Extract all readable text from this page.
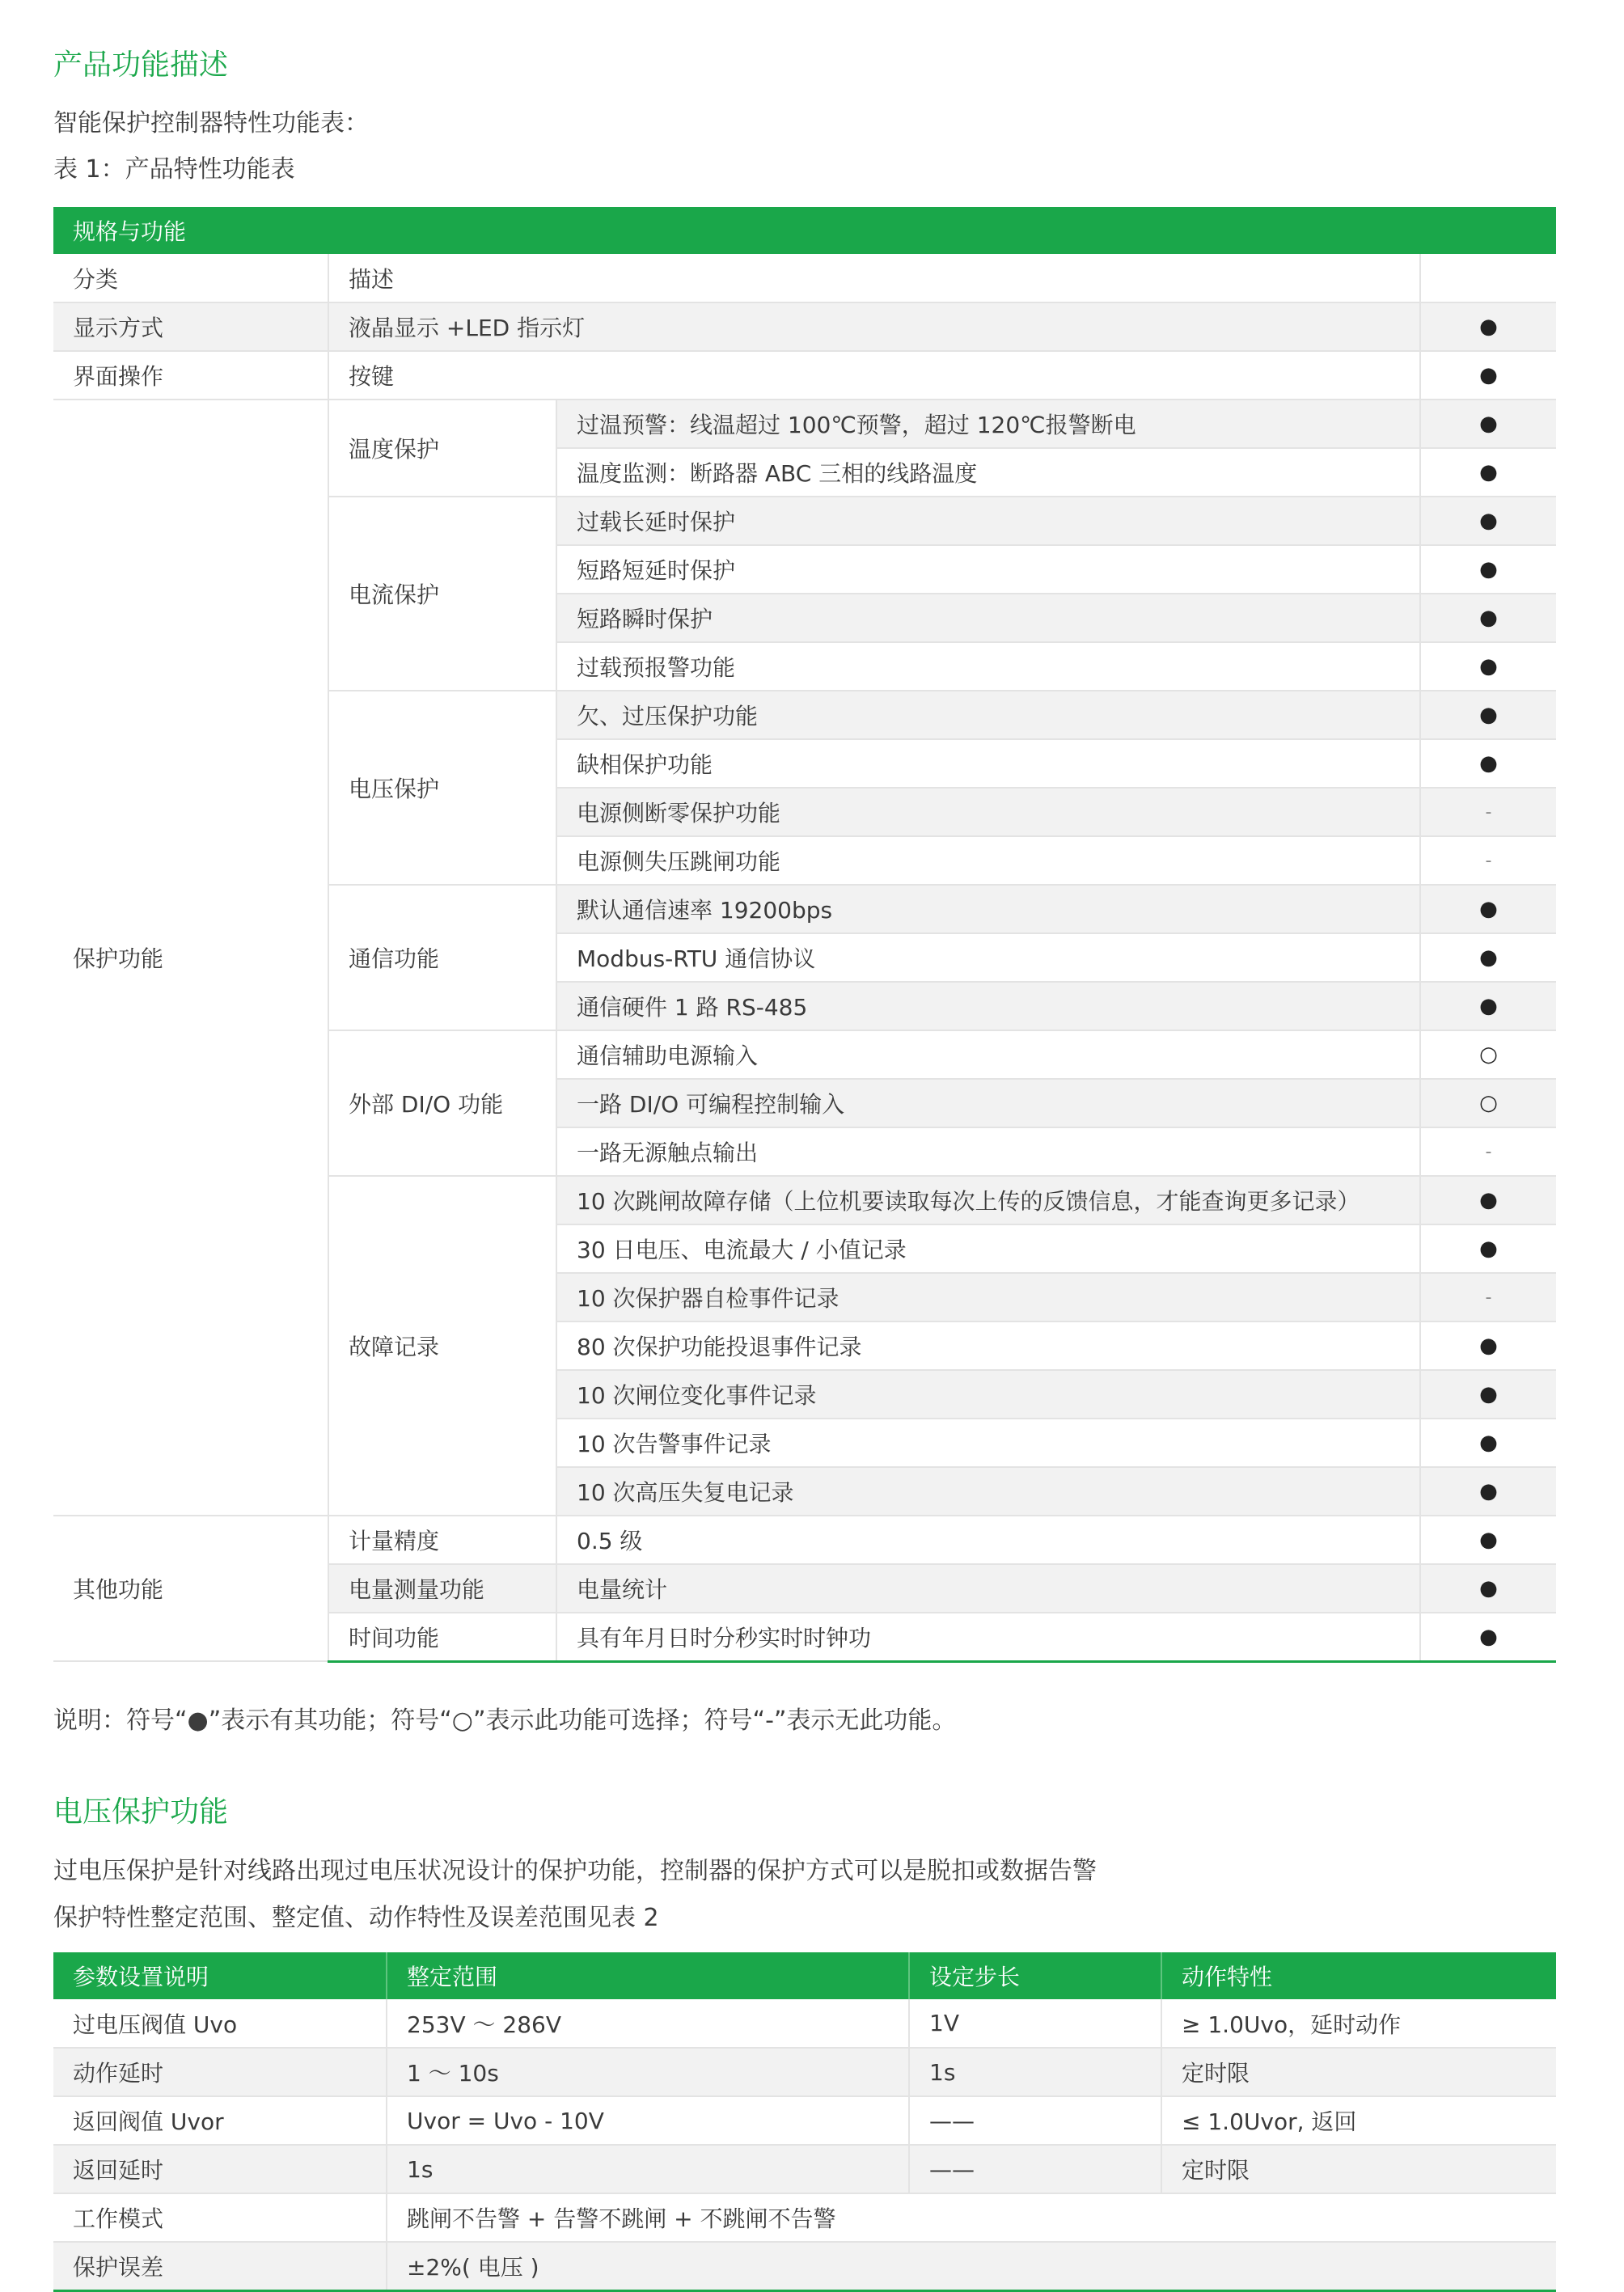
产品功能描述

智能保护控制器特性功能表：

表 1：产品特性功能表

规格与功能			
分类	描述		
显示方式	液晶显示 +LED 指示灯		●
界面操作	按键		●
保护功能	温度保护	过温预警：线温超过 100℃预警，超过 120℃报警断电	●
		温度监测：断路器 ABC 三相的线路温度	●
	电流保护	过载长延时保护	●
		短路短延时保护	●
		短路瞬时保护	●
		过载预报警功能	●
	电压保护	欠、过压保护功能	●
		缺相保护功能	●
		电源侧断零保护功能	-
		电源侧失压跳闸功能	-
	通信功能	默认通信速率 19200bps	●
		Modbus-RTU 通信协议	●
		通信硬件 1 路 RS-485	●
	外部 DI/O 功能	通信辅助电源输入	○
		一路 DI/O 可编程控制输入	○
		一路无源触点输出	-
	故障记录	10 次跳闸故障存储（上位机要读取每次上传的反馈信息，才能查询更多记录）	●
		30 日电压、电流最大 / 小值记录	●
		10 次保护器自检事件记录	-
		80 次保护功能投退事件记录	●
		10 次闸位变化事件记录	●
		10 次告警事件记录	●
		10 次高压失复电记录	●
其他功能	计量精度	0.5 级	●
	电量测量功能	电量统计	●
	时间功能	具有年月日时分秒实时时钟功	●

说明：符号“●”表示有其功能；符号“○”表示此功能可选择；符号“-”表示无此功能。

电压保护功能

过电压保护是针对线路出现过电压状况设计的保护功能，控制器的保护方式可以是脱扣或数据告警

保护特性整定范围、整定值、动作特性及误差范围见表 2

参数设置说明	整定范围	设定步长	动作特性
过电压阀值 Uvo	253V ～ 286V	1V	≥ 1.0Uvo，延时动作
动作延时	1 ～ 10s	1s	定时限
返回阀值 Uvor	Uvor = Uvo - 10V	——	≤ 1.0Uvor, 返回
返回延时	1s	——	定时限
工作模式	跳闸不告警 + 告警不跳闸 + 不跳闸不告警		
保护误差	±2%( 电压 )		
